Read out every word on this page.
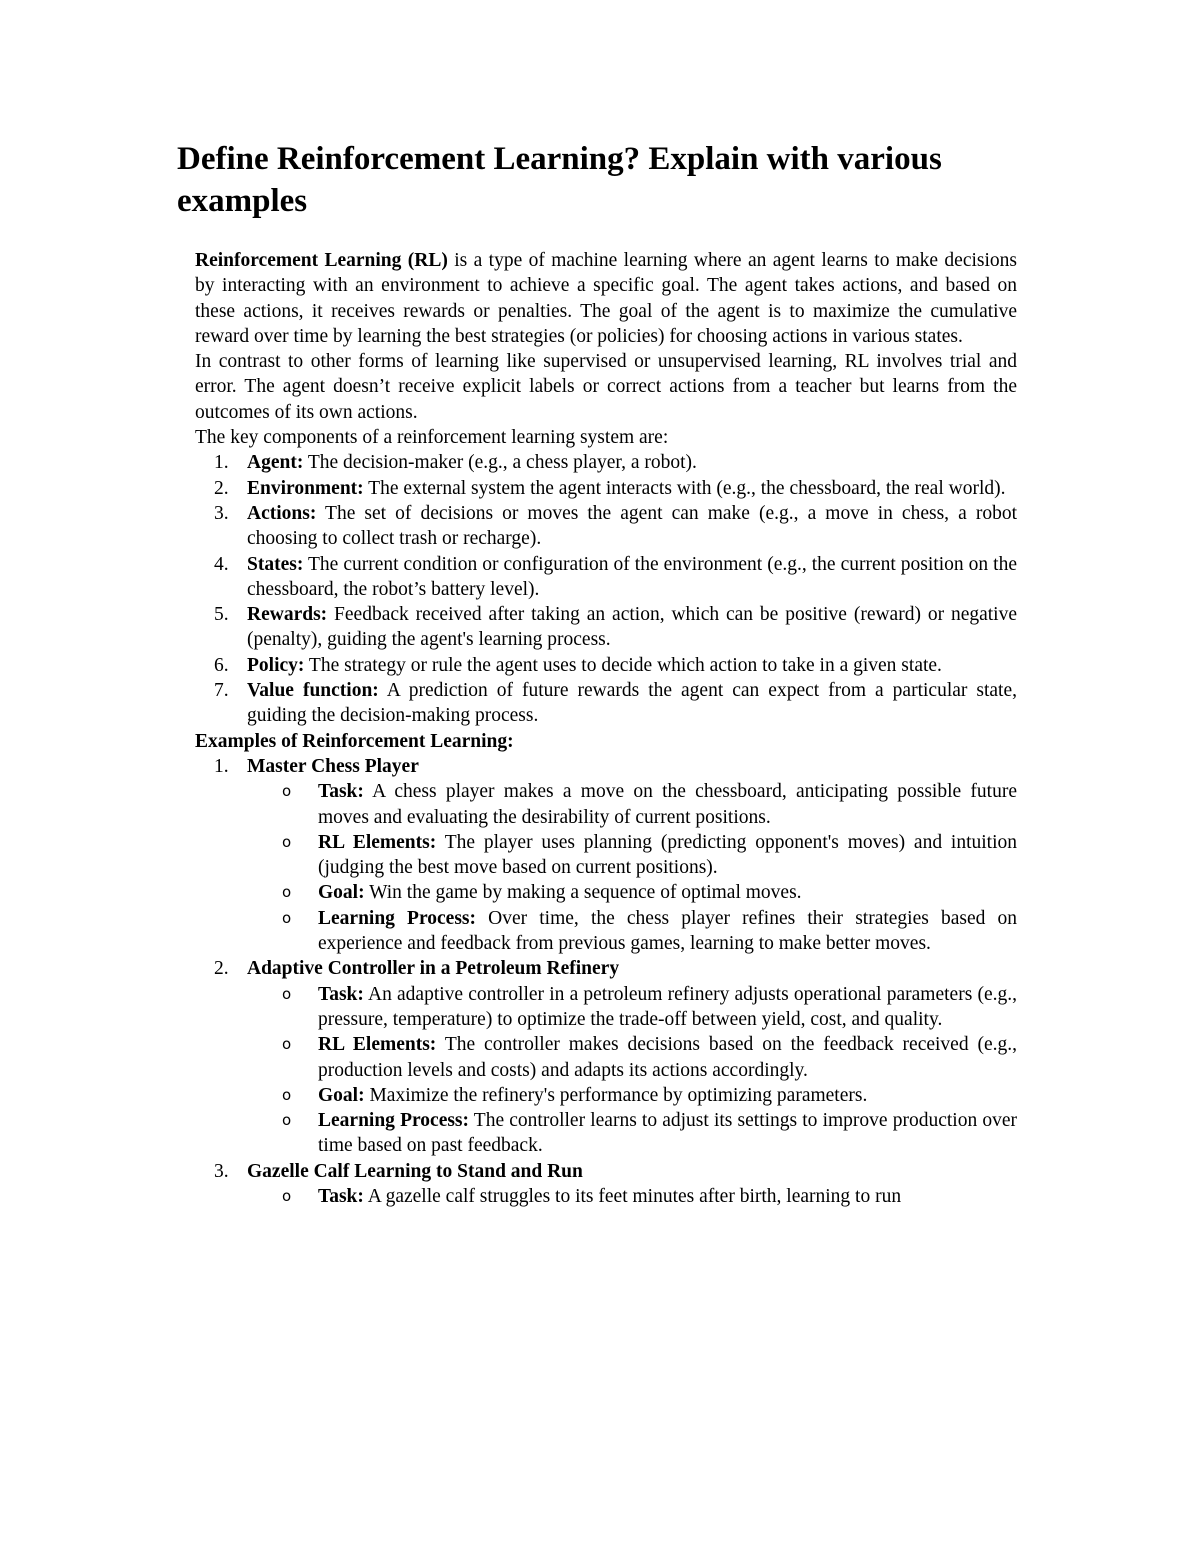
Define Reinforcement Learning? Explain with various examples

Reinforcement Learning (RL) is a type of machine learning where an agent learns to make decisions by interacting with an environment to achieve a specific goal. The agent takes actions, and based on these actions, it receives rewards or penalties. The goal of the agent is to maximize the cumulative reward over time by learning the best strategies (or policies) for choosing actions in various states.

In contrast to other forms of learning like supervised or unsupervised learning, RL involves trial and error. The agent doesn’t receive explicit labels or correct actions from a teacher but learns from the outcomes of its own actions.

The key components of a reinforcement learning system are:

1. Agent: The decision-maker (e.g., a chess player, a robot).
2. Environment: The external system the agent interacts with (e.g., the chessboard, the real world).
3. Actions: The set of decisions or moves the agent can make (e.g., a move in chess, a robot choosing to collect trash or recharge).
4. States: The current condition or configuration of the environment (e.g., the current position on the chessboard, the robot’s battery level).
5. Rewards: Feedback received after taking an action, which can be positive (reward) or negative (penalty), guiding the agent's learning process.
6. Policy: The strategy or rule the agent uses to decide which action to take in a given state.
7. Value function: A prediction of future rewards the agent can expect from a particular state, guiding the decision-making process.

Examples of Reinforcement Learning:

1. Master Chess Player
o Task: A chess player makes a move on the chessboard, anticipating possible future moves and evaluating the desirability of current positions.
o RL Elements: The player uses planning (predicting opponent's moves) and intuition (judging the best move based on current positions).
o Goal: Win the game by making a sequence of optimal moves.
o Learning Process: Over time, the chess player refines their strategies based on experience and feedback from previous games, learning to make better moves.
2. Adaptive Controller in a Petroleum Refinery
o Task: An adaptive controller in a petroleum refinery adjusts operational parameters (e.g., pressure, temperature) to optimize the trade-off between yield, cost, and quality.
o RL Elements: The controller makes decisions based on the feedback received (e.g., production levels and costs) and adapts its actions accordingly.
o Goal: Maximize the refinery's performance by optimizing parameters.
o Learning Process: The controller learns to adjust its settings to improve production over time based on past feedback.
3. Gazelle Calf Learning to Stand and Run
o Task: A gazelle calf struggles to its feet minutes after birth, learning to run
